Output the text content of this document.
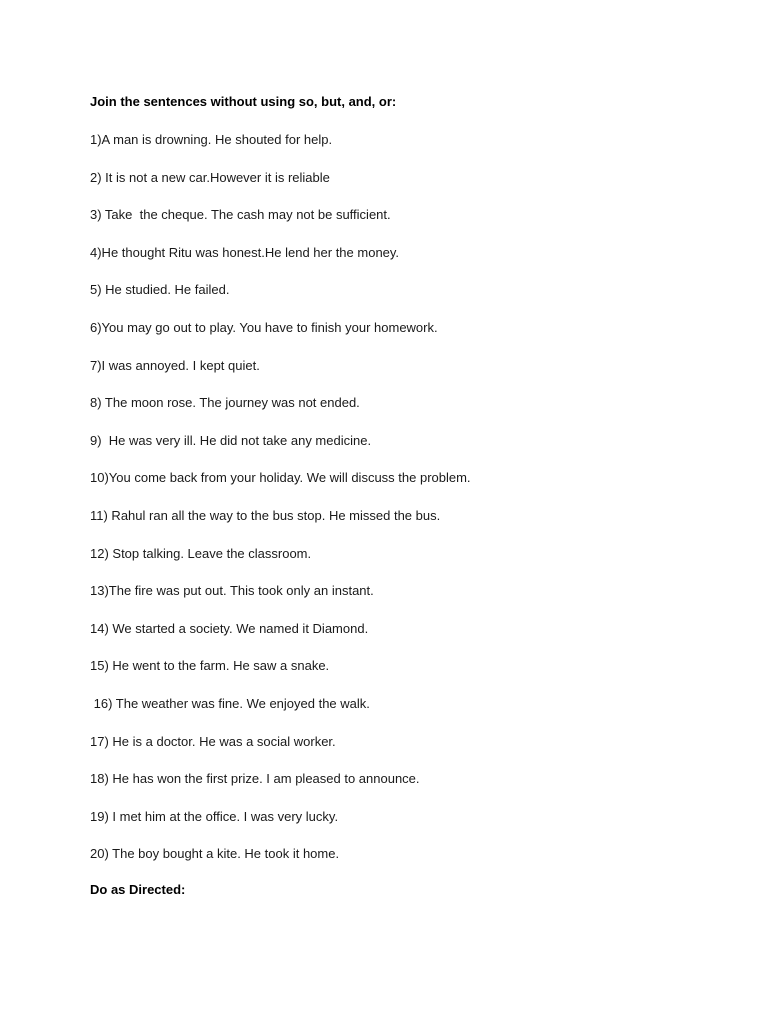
Join the sentences without using so, but, and, or:
1)A man is drowning. He shouted for help.
2) It is not a new car.However it is reliable
3) Take  the cheque. The cash may not be sufficient.
4)He thought Ritu was honest.He lend her the money.
5) He studied. He failed.
6)You may go out to play. You have to finish your homework.
7)I was annoyed. I kept quiet.
8) The moon rose. The journey was not ended.
9)  He was very ill. He did not take any medicine.
10)You come back from your holiday. We will discuss the problem.
11) Rahul ran all the way to the bus stop. He missed the bus.
12) Stop talking. Leave the classroom.
13)The fire was put out. This took only an instant.
14) We started a society. We named it Diamond.
15) He went to the farm. He saw a snake.
16) The weather was fine. We enjoyed the walk.
17) He is a doctor. He was a social worker.
18) He has won the first prize. I am pleased to announce.
19) I met him at the office. I was very lucky.
20) The boy bought a kite. He took it home.
Do as Directed:
